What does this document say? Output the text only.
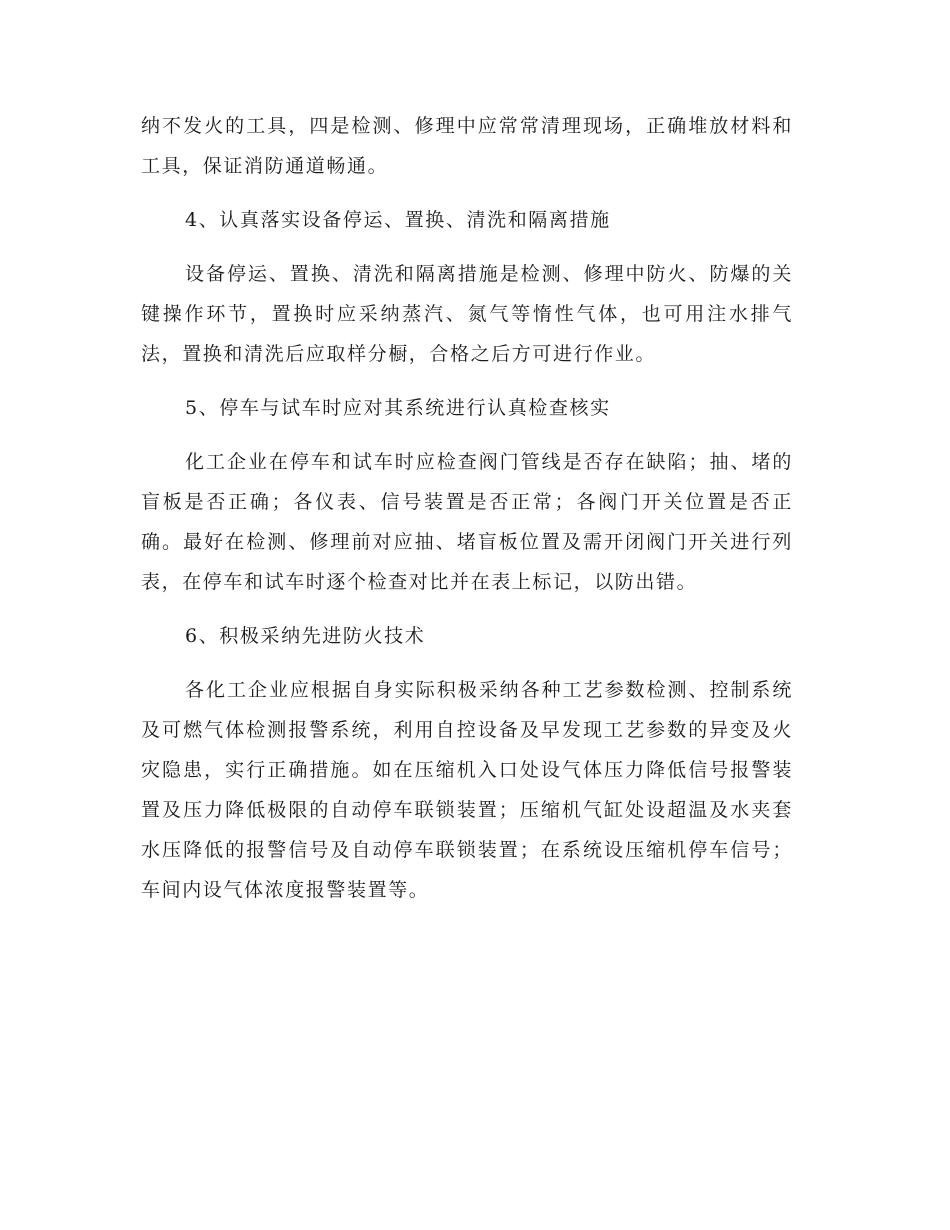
纳不发火的工具，四是检测、修理中应常常清理现场，正确堆放材料和工具，保证消防通道畅通。

4、认真落实设备停运、置换、清洗和隔离措施

设备停运、置换、清洗和隔离措施是检测、修理中防火、防爆的关键操作环节，置换时应采纳蒸汽、氮气等惰性气体，也可用注水排气法，置换和清洗后应取样分橱，合格之后方可进行作业。

5、停车与试车时应对其系统进行认真检查核实

化工企业在停车和试车时应检查阀门管线是否存在缺陷；抽、堵的盲板是否正确；各仪表、信号装置是否正常；各阀门开关位置是否正确。最好在检测、修理前对应抽、堵盲板位置及需开闭阀门开关进行列表，在停车和试车时逐个检查对比并在表上标记，以防出错。

6、积极采纳先进防火技术

各化工企业应根据自身实际积极采纳各种工艺参数检测、控制系统及可燃气体检测报警系统，利用自控设备及早发现工艺参数的异变及火灾隐患，实行正确措施。如在压缩机入口处设气体压力降低信号报警装置及压力降低极限的自动停车联锁装置；压缩机气缸处设超温及水夹套水压降低的报警信号及自动停车联锁装置；在系统设压缩机停车信号；车间内设气体浓度报警装置等。
